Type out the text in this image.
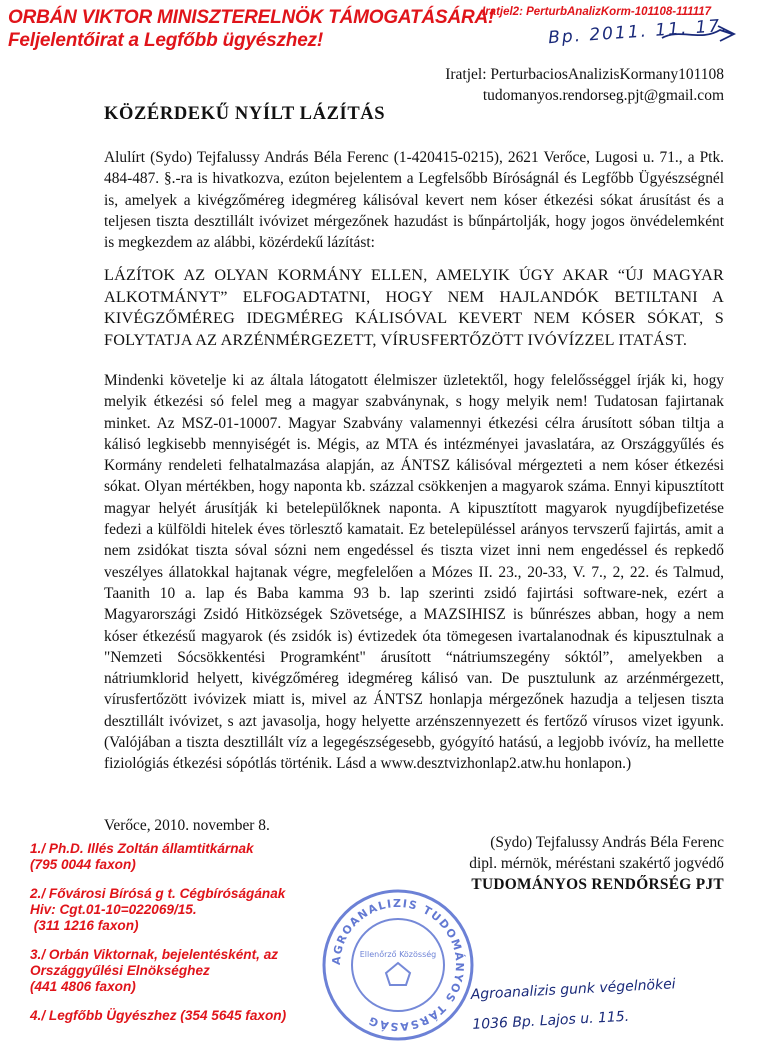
ORBÁN VIKTOR MINISZTERELNÖK TÁMOGATÁSÁRA!
Feljelentőirat a Legfőbb ügyészhez!
Iratjel2: PerturbAnalizKorm-101108-111117
Bp. 2011. 11. 17.
Iratjel: PerturbaciosAnalizisKormany101108
tudomanyos.rendorseg.pjt@gmail.com
KÖZÉRDEKŰ NYÍLT LÁZÍTÁS
Alulírt (Sydo) Tejfalussy András Béla Ferenc (1-420415-0215), 2621 Verőce, Lugosi u. 71., a Ptk. 484-487. §.-ra is hivatkozva, ezúton bejelentem a Legfelsőbb Bíróságnál és Legfőbb Ügyészségnél is, amelyek a kivégzőméreg idegméreg kálisóval kevert nem kóser étkezési sókat árusítást és a teljesen tiszta desztillált ivóvizet mérgezőnek hazudást is bűnpártolják, hogy jogos önvédelemként is megkezdem az alábbi, közérdekű lázítást:
LÁZÍTOK AZ OLYAN KORMÁNY ELLEN, AMELYIK ÚGY AKAR “ÚJ MAGYAR ALKOTMÁNYT” ELFOGADTATNI, HOGY NEM HAJLANDÓK BETILTANI A KIVÉGZŐMÉREG IDEGMÉREG KÁLISÓVAL KEVERT NEM KÓSER SÓKAT, S FOLYTATJA AZ ARZÉNMÉRGEZETT, VÍRUSFERTŐZÖTT IVÓVÍZZEL ITATÁST.
Mindenki követelje ki az általa látogatott élelmiszer üzletektől, hogy felelősséggel írják ki, hogy melyik étkezési só felel meg a magyar szabványnak, s hogy melyik nem! Tudatosan fajirtanak minket. Az MSZ-01-10007. Magyar Szabvány valamennyi étkezési célra árusított sóban tiltja a kálisó legkisebb mennyiségét is. Mégis, az MTA és intézményei javaslatára, az Országgyűlés és Kormány rendeleti felhatalmazása alapján, az ÁNTSZ kálisóval mérgezteti a nem kóser étkezési sókat. Olyan mértékben, hogy naponta kb. százzal csökkenjen a magyarok száma. Ennyi kipusztított magyar helyét árusítják ki betelepülőknek naponta. A kipusztított magyarok nyugdíjbefizetése fedezi a külföldi hitelek éves törlesztő kamatait. Ez betelepüléssel arányos tervszerű fajirtás, amit a nem zsidókat tiszta sóval sózni nem engedéssel és tiszta vizet inni nem engedéssel és repkedő veszélyes állatokkal hajtanak végre, megfelelően a Mózes II. 23., 20-33, V. 7., 2, 22. és Talmud, Taanith 10 a. lap és Baba kamma 93 b. lap szerinti zsidó fajirtási software-nek, ezért a Magyarországi Zsidó Hitközségek Szövetsége, a MAZSIHISZ is bűnrészes abban, hogy a nem kóser étkezésű magyarok (és zsidók is) évtizedek óta tömegesen ivartalanodnak és kipusztulnak a "Nemzeti Sócsökkentési Programként" árusított “nátriumszegény sóktól”, amelyekben a nátriumklorid helyett, kivégzőméreg idegméreg kálisó van. De pusztulunk az arzénmérgezett, vírusfertőzött ivóvizek miatt is, mivel az ÁNTSZ honlapja mérgezőnek hazudja a teljesen tiszta desztillált ivóvizet, s azt javasolja, hogy helyette arzénszennyezett és fertőző vírusos vizet igyunk. (Valójában a tiszta desztillált víz a legegészségesebb, gyógyító hatású, a legjobb ivóvíz, ha mellette fiziológiás étkezési sópótlás történik. Lásd a www.desztvizhonlap2.atw.hu honlapon.)
Verőce, 2010. november 8.
(Sydo) Tejfalussy András Béla Ferenc
dipl. mérnök, méréstani szakértő jogvédő
TUDOMÁNYOS RENDŐRSÉG PJT
1./ Ph.D. Illés Zoltán államtitkárnak
(795 0044 faxon)
2./ Fővárosi Bírósá g t. Cégbíróságának
Hiv: Cgt.01-10=022069/15.
(311 1216 faxon)
3./ Orbán Viktornak, bejelentésként, az
Országgyűlési Elnökséghez
(441 4806 faxon)
4./ Legfőbb Ügyészhez (354 5645 faxon)
AGROANALIZIS TUDOMÁNYOS TÁRSASÁG
Ellenőrző Közösség
Agroanalizis gunk végelnökei
1036 Bp. Lajos u. 115.
